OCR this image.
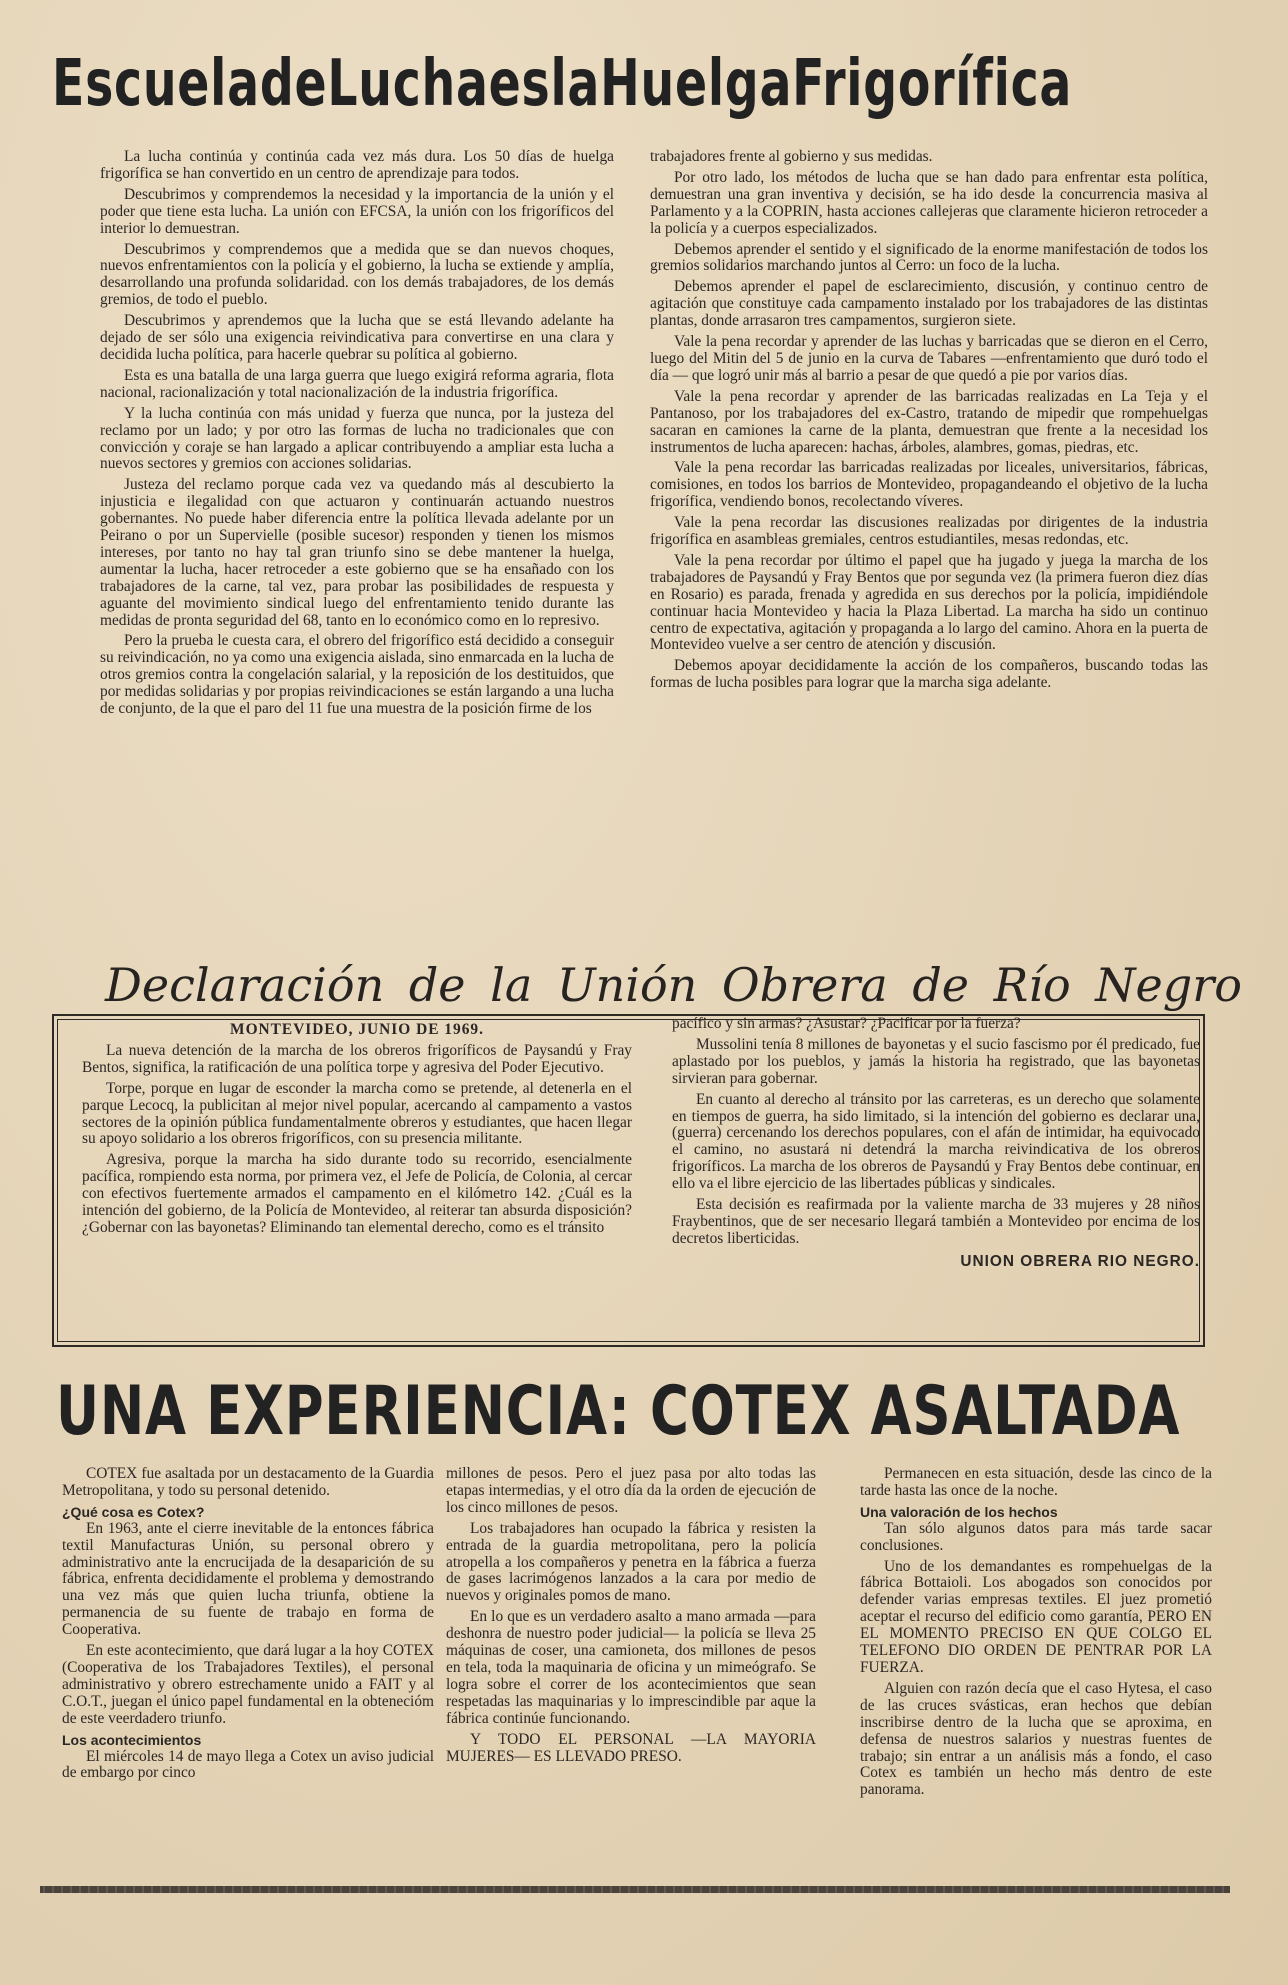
Escuela de Lucha es la Huelga Frigorífica

La lucha continúa y continúa cada vez más dura. Los 50 días de huelga frigorífica se han convertido en un centro de aprendizaje para todos.

Descubrimos y comprendemos la necesidad y la importancia de la unión y el poder que tiene esta lucha. La unión con EFCSA, la unión con los frigoríficos del interior lo demuestran.

Descubrimos y comprendemos que a medida que se dan nuevos choques, nuevos enfrentamientos con la policía y el gobierno, la lucha se extiende y amplía, desarrollando una profunda solidaridad. con los demás trabajadores, de los demás gremios, de todo el pueblo.

Descubrimos y aprendemos que la lucha que se está llevando adelante ha dejado de ser sólo una exigencia reivindicativa para convertirse en una clara y decidida lucha política, para hacerle quebrar su política al gobierno.

Esta es una batalla de una larga guerra que luego exigirá reforma agraria, flota nacional, racionalización y total nacionalización de la industria frigorífica.

Y la lucha continúa con más unidad y fuerza que nunca, por la justeza del reclamo por un lado; y por otro las formas de lucha no tradicionales que con convicción y coraje se han largado a aplicar contribuyendo a ampliar esta lucha a nuevos sectores y gremios con acciones solidarias.

Justeza del reclamo porque cada vez va quedando más al descubierto la injusticia e ilegalidad con que actuaron y continuarán actuando nuestros gobernantes. No puede haber diferencia entre la política llevada adelante por un Peirano o por un Supervielle (posible sucesor) responden y tienen los mismos intereses, por tanto no hay tal gran triunfo sino se debe mantener la huelga, aumentar la lucha, hacer retroceder a este gobierno que se ha ensañado con los trabajadores de la carne, tal vez, para probar las posibilidades de respuesta y aguante del movimiento sindical luego del enfrentamiento tenido durante las medidas de pronta seguridad del 68, tanto en lo económico como en lo represivo.

Pero la prueba le cuesta cara, el obrero del frigorífico está decidido a conseguir su reivindicación, no ya como una exigencia aislada, sino enmarcada en la lucha de otros gremios contra la congelación salarial, y la reposición de los destituidos, que por medidas solidarias y por propias reivindicaciones se están largando a una lucha de conjunto, de la que el paro del 11 fue una muestra de la posición firme de los

trabajadores frente al gobierno y sus medidas.

Por otro lado, los métodos de lucha que se han dado para enfrentar esta política, demuestran una gran inventiva y decisión, se ha ido desde la concurrencia masiva al Parlamento y a la COPRIN, hasta acciones callejeras que claramente hicieron retroceder a la policía y a cuerpos especializados.

Debemos aprender el sentido y el significado de la enorme manifestación de todos los gremios solidarios marchando juntos al Cerro: un foco de la lucha.

Debemos aprender el papel de esclarecimiento, discusión, y continuo centro de agitación que constituye cada campamento instalado por los trabajadores de las distintas plantas, donde arrasaron tres campamentos, surgieron siete.

Vale la pena recordar y aprender de las luchas y barricadas que se dieron en el Cerro, luego del Mitin del 5 de junio en la curva de Tabares —enfrentamiento que duró todo el día — que logró unir más al barrio a pesar de que quedó a pie por varios días.

Vale la pena recordar y aprender de las barricadas realizadas en La Teja y el Pantanoso, por los trabajadores del ex-Castro, tratando de mipedir que rompehuelgas sacaran en camiones la carne de la planta, demuestran que frente a la necesidad los instrumentos de lucha aparecen: hachas, árboles, alambres, gomas, piedras, etc.

Vale la pena recordar las barricadas realizadas por liceales, universitarios, fábricas, comisiones, en todos los barrios de Montevideo, propagandeando el objetivo de la lucha frigorífica, vendiendo bonos, recolectando víveres.

Vale la pena recordar las discusiones realizadas por dirigentes de la industria frigorífica en asambleas gremiales, centros estudiantiles, mesas redondas, etc.

Vale la pena recordar por último el papel que ha jugado y juega la marcha de los trabajadores de Paysandú y Fray Bentos que por segunda vez (la primera fueron diez días en Rosario) es parada, frenada y agredida en sus derechos por la policía, impidiéndole continuar hacia Montevideo y hacia la Plaza Libertad. La marcha ha sido un continuo centro de expectativa, agitación y propaganda a lo largo del camino. Ahora en la puerta de Montevideo vuelve a ser centro de atención y discusión.

Debemos apoyar decididamente la acción de los compañeros, buscando todas las formas de lucha posibles para lograr que la marcha siga adelante.

Declaración de la Unión Obrera de Río Negro

MONTEVIDEO, JUNIO DE 1969.

La nueva detención de la marcha de los obreros frigoríficos de Paysandú y Fray Bentos, significa, la ratificación de una política torpe y agresiva del Poder Ejecutivo.

Torpe, porque en lugar de esconder la marcha como se pretende, al detenerla en el parque Lecocq, la publicitan al mejor nivel popular, acercando al campamento a vastos sectores de la opinión pública fundamentalmente obreros y estudiantes, que hacen llegar su apoyo solidario a los obreros frigoríficos, con su presencia militante.

Agresiva, porque la marcha ha sido durante todo su recorrido, esencialmente pacífica, rompiendo esta norma, por primera vez, el Jefe de Policía, de Colonia, al cercar con efectivos fuertemente armados el campamento en el kilómetro 142. ¿Cuál es la intención del gobierno, de la Policía de Montevideo, al reiterar tan absurda disposición? ¿Gobernar con las bayonetas? Eliminando tan elemental derecho, como es el tránsito

pacífico y sin armas? ¿Asustar? ¿Pacificar por la fuerza?

Mussolini tenía 8 millones de bayonetas y el sucio fascismo por él predicado, fue aplastado por los pueblos, y jamás la historia ha registrado, que las bayonetas sirvieran para gobernar.

En cuanto al derecho al tránsito por las carreteras, es un derecho que solamente en tiempos de guerra, ha sido limitado, si la intención del gobierno es declarar una, (guerra) cercenando los derechos populares, con el afán de intimidar, ha equivocado el camino, no asustará ni detendrá la marcha reivindicativa de los obreros frigoríficos. La marcha de los obreros de Paysandú y Fray Bentos debe continuar, en ello va el libre ejercicio de las libertades públicas y sindicales.

Esta decisión es reafirmada por la valiente marcha de 33 mujeres y 28 niños Fraybentinos, que de ser necesario llegará también a Montevideo por encima de los decretos liberticidas.

UNION OBRERA RIO NEGRO.

UNA EXPERIENCIA: COTEX ASALTADA

COTEX fue asaltada por un destacamento de la Guardia Metropolitana, y todo su personal detenido.

¿Qué cosa es Cotex?

En 1963, ante el cierre inevitable de la entonces fábrica textil Manufacturas Unión, su personal obrero y administrativo ante la encrucijada de la desaparición de su fábrica, enfrenta decididamente el problema y demostrando una vez más que quien lucha triunfa, obtiene la permanencia de su fuente de trabajo en forma de Cooperativa.

En este acontecimiento, que dará lugar a la hoy COTEX (Cooperativa de los Trabajadores Textiles), el personal administrativo y obrero estrechamente unido a FAIT y al C.O.T., juegan el único papel fundamental en la obtenecióm de este veerdadero triunfo.

Los acontecimientos

El miércoles 14 de mayo llega a Cotex un aviso judicial de embargo por cinco

millones de pesos. Pero el juez pasa por alto todas las etapas intermedias, y el otro día da la orden de ejecución de los cinco millones de pesos.

Los trabajadores han ocupado la fábrica y resisten la entrada de la guardia metropolitana, pero la policía atropella a los compañeros y penetra en la fábrica a fuerza de gases lacrimógenos lanzados a la cara por medio de nuevos y originales pomos de mano.

En lo que es un verdadero asalto a mano armada —para deshonra de nuestro poder judicial— la policía se lleva 25 máquinas de coser, una camioneta, dos millones de pesos en tela, toda la maquinaria de oficina y un mimeógrafo. Se logra sobre el correr de los acontecimientos que sean respetadas las maquinarias y lo imprescindible par aque la fábrica continúe funcionando.

Y TODO EL PERSONAL —LA MAYORIA MUJERES— ES LLEVADO PRESO.

Permanecen en esta situación, desde las cinco de la tarde hasta las once de la noche.

Una valoración de los hechos

Tan sólo algunos datos para más tarde sacar conclusiones.

Uno de los demandantes es rompehuelgas de la fábrica Bottaioli. Los abogados son conocidos por defender varias empresas textiles. El juez prometió aceptar el recurso del edificio como garantía, PERO EN EL MOMENTO PRECISO EN QUE COLGO EL TELEFONO DIO ORDEN DE PENTRAR POR LA FUERZA.

Alguien con razón decía que el caso Hytesa, el caso de las cruces svásticas, eran hechos que debían inscribirse dentro de la lucha que se aproxima, en defensa de nuestros salarios y nuestras fuentes de trabajo; sin entrar a un análisis más a fondo, el caso Cotex es también un hecho más dentro de este panorama.
